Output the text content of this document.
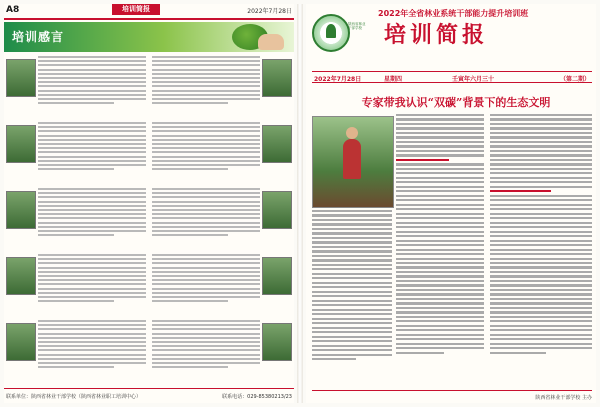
A8	培训简报	2022年7月28日
培训感言
联系单位：陕西省林业干部学校（陕西省林业职工培训中心）	联系电话：029-85380213/23
陕西省林业干部学校
2022年全省林业系统干部能力提升培训班
培训简报
2022年7月28日	星期四	壬寅年六月三十	（第二期）
专家带我认识“双碳”背景下的生态文明
陕西省林业干部学校 主办
